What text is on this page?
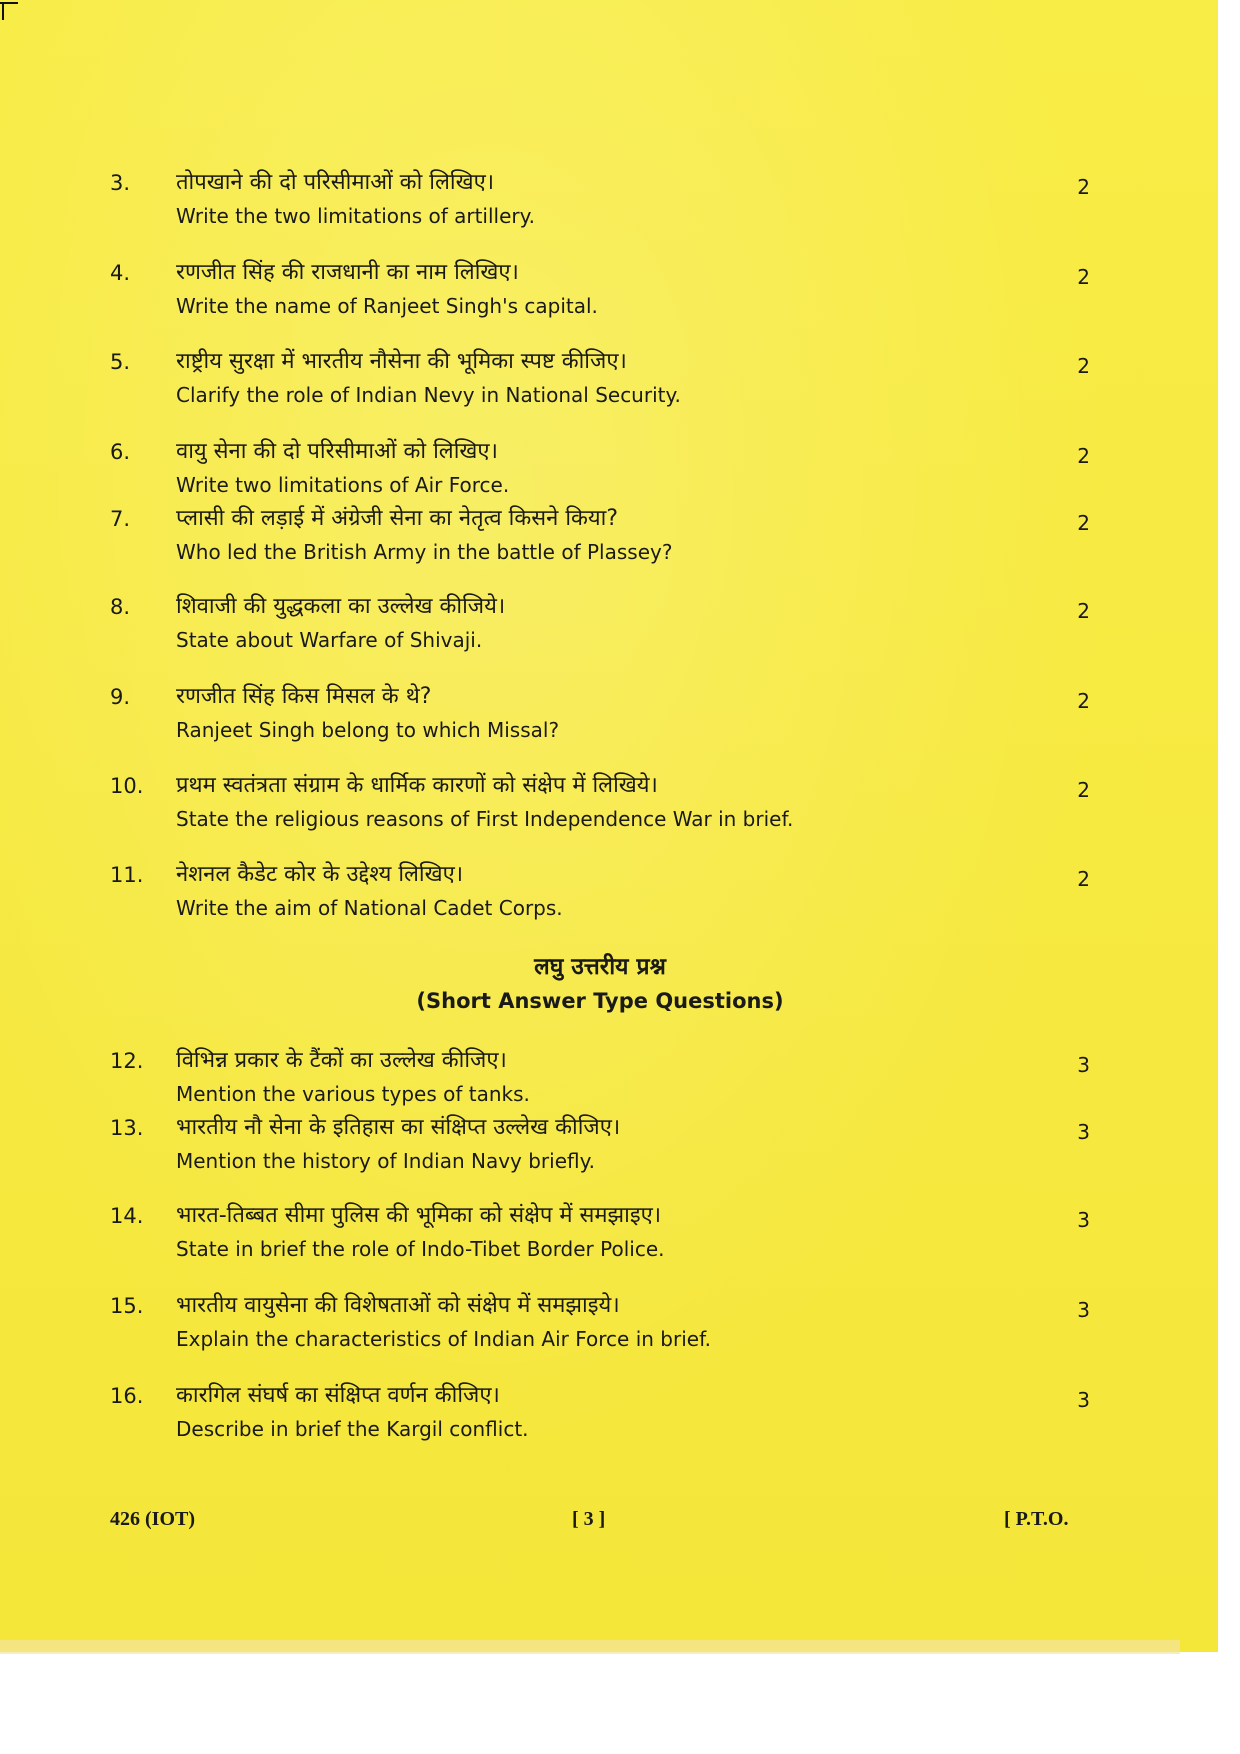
3.	तोपखाने की दो परिसीमाओं को लिखिए।
Write the two limitations of artillery.
2
4.	रणजीत सिंह की राजधानी का नाम लिखिए।
Write the name of Ranjeet Singh's capital.
2
5.	राष्ट्रीय सुरक्षा में भारतीय नौसेना की भूमिका स्पष्ट कीजिए।
Clarify the role of Indian Nevy in National Security.
2
6.	वायु सेना की दो परिसीमाओं को लिखिए।
Write two limitations of Air Force.
2
7.	प्लासी की लड़ाई में अंग्रेजी सेना का नेतृत्व किसने किया?
Who led the British Army in the battle of Plassey?
2
8.	शिवाजी की युद्धकला का उल्लेख कीजिये।
State about Warfare of Shivaji.
2
9.	रणजीत सिंह किस मिसल के थे?
Ranjeet Singh belong to which Missal?
2
10.	प्रथम स्वतंत्रता संग्राम के धार्मिक कारणों को संक्षेप में लिखिये।
State the religious reasons of First Independence War in brief.
2
11.	नेशनल कैडेट कोर के उद्देश्य लिखिए।
Write the aim of National Cadet Corps.
2
लघु उत्तरीय प्रश्न
(Short Answer Type Questions)
12.	विभिन्न प्रकार के टैंकों का उल्लेख कीजिए।
Mention the various types of tanks.
3
13.	भारतीय नौ सेना के इतिहास का संक्षिप्त उल्लेख कीजिए।
Mention the history of Indian Navy briefly.
3
14.	भारत-तिब्बत सीमा पुलिस की भूमिका को संक्षेप में समझाइए।
State in brief the role of Indo-Tibet Border Police.
3
15.	भारतीय वायुसेना की विशेषताओं को संक्षेप में समझाइये।
Explain the characteristics of Indian Air Force in brief.
3
16.	कारगिल संघर्ष का संक्षिप्त वर्णन कीजिए।
Describe in brief the Kargil conflict.
3
426 (IOT)	[ 3 ]	[ P.T.O.
